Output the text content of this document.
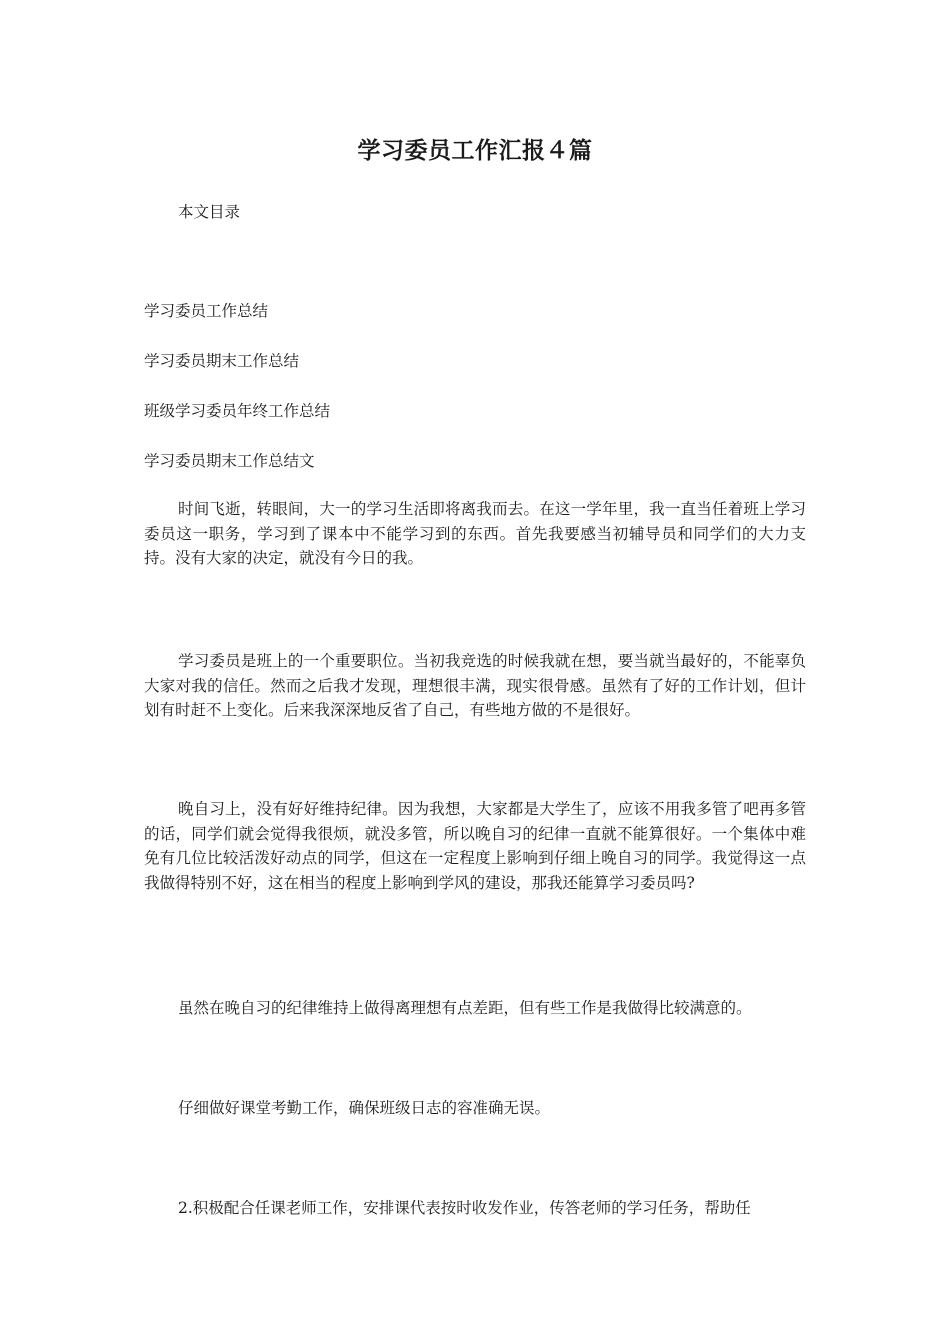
学习委员工作汇报４篇
本文目录
学习委员工作总结
学习委员期末工作总结
班级学习委员年终工作总结
学习委员期末工作总结文

时间飞逝，转眼间，大一的学习生活即将离我而去。在这一学年里，我一直当任着班上学习委员这一职务，学习到了课本中不能学习到的东西。首先我要感当初辅导员和同学们的大力支持。没有大家的决定，就没有今日的我。

学习委员是班上的一个重要职位。当初我竞选的时候我就在想，要当就当最好的，不能辜负大家对我的信任。然而之后我才发现，理想很丰满，现实很骨感。虽然有了好的工作计划，但计划有时赶不上变化。后来我深深地反省了自己，有些地方做的不是很好。

晚自习上，没有好好维持纪律。因为我想，大家都是大学生了，应该不用我多管了吧再多管的话，同学们就会觉得我很烦，就没多管，所以晚自习的纪律一直就不能算很好。一个集体中难免有几位比较活泼好动点的同学，但这在一定程度上影响到仔细上晚自习的同学。我觉得这一点我做得特别不好，这在相当的程度上影响到学风的建设，那我还能算学习委员吗?

虽然在晚自习的纪律维持上做得离理想有点差距，但有些工作是我做得比较满意的。

仔细做好课堂考勤工作，确保班级日志的容准确无误。

2.积极配合任课老师工作，安排课代表按时收发作业，传答老师的学习任务，帮助任
